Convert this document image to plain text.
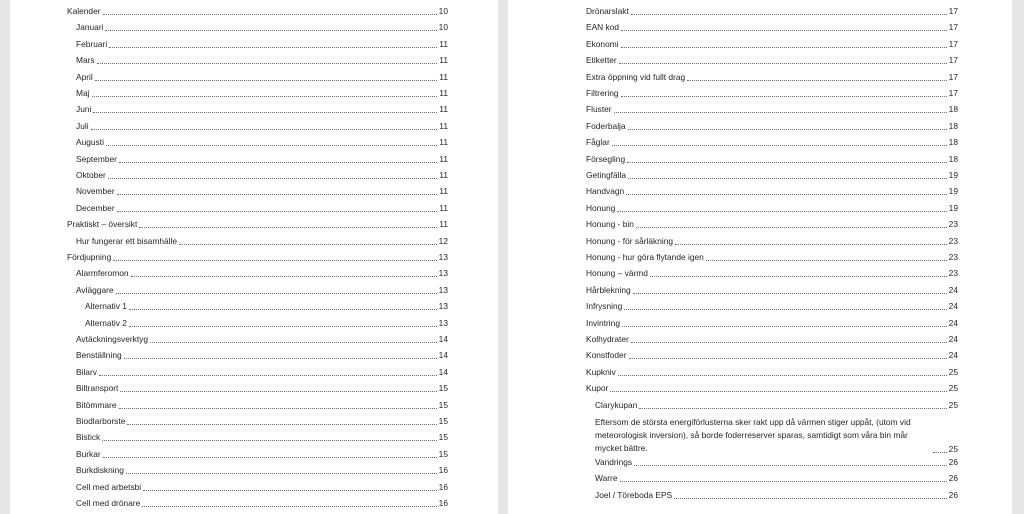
Kalender	10
Januari	10
Februari	11
Mars	11
April	11
Maj	11
Juni	11
Juli	11
Augusti	11
September	11
Oktober	11
November	11
December	11
Praktiskt – översikt	11
Hur fungerar ett bisamhälle	12
Fördjupning	13
Alarmferomon	13
Avläggare	13
Alternativ 1	13
Alternativ 2	13
Avtäckningsverktyg	14
Benställning	14
Bilarv	14
Biltransport	15
Bitömmare	15
Biodlarborste	15
Bistick	15
Burkar	15
Burkdiskning	16
Cell med arbetsbi	16
Cell med drönare	16
Drönarslakt	17
EAN kod	17
Ekonomi	17
Etiketter	17
Extra öppning vid fullt drag	17
Filtrering	17
Fluster	18
Foderbalja	18
Fåglar	18
Försegling	18
Getingfälla	19
Handvagn	19
Honung	19
Honung - bin	23
Honung - för sårläkning	23
Honung - hur göra flytande igen	23
Honung – värmd	23
Hårblekning	24
Infrysning	24
Invintring	24
Kolhydrater	24
Konstfoder	24
Kupkniv	25
Kupor	25
Clarykupan	25
Eftersom de största energiförlusterna sker rakt upp då värmen stiger uppåt, (utom vid meteorologisk inversion), så borde foderreserver sparas, samtidigt som våra bin mår mycket bättre.	25
Vandrings	26
Warre	26
Joel / Töreboda EPS	26
